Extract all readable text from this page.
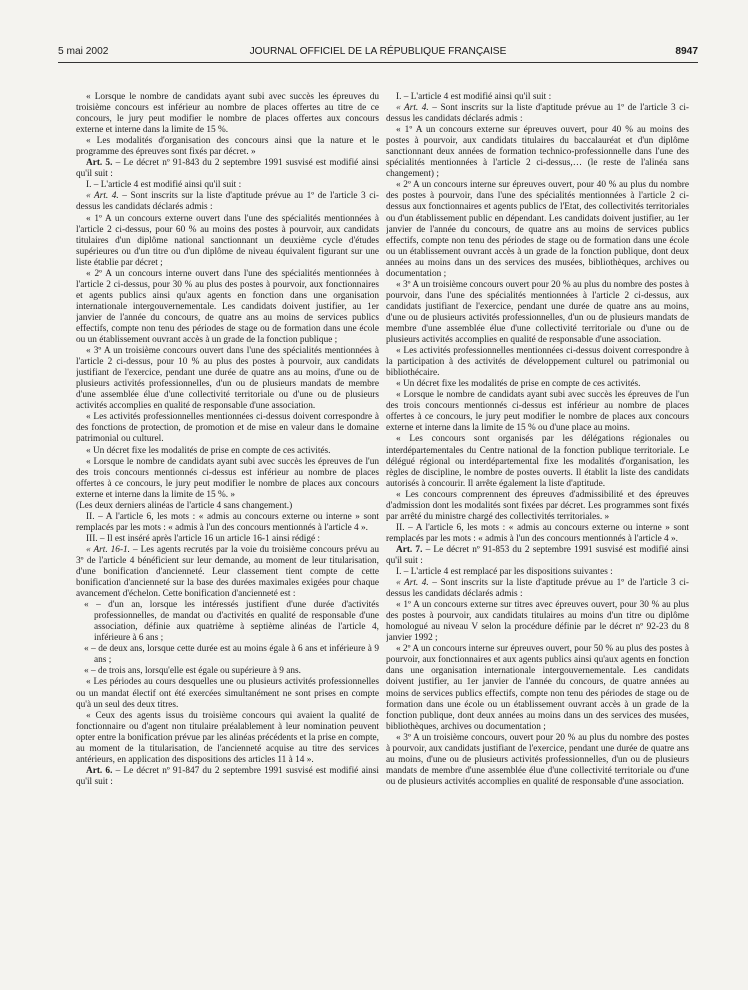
5 mai 2002	JOURNAL OFFICIEL DE LA RÉPUBLIQUE FRANÇAISE	8947

« Lorsque le nombre de candidats ayant subi avec succès les épreuves du troisième concours est inférieur au nombre de places offertes au titre de ce concours, le jury peut modifier le nombre de places offertes aux concours externe et interne dans la limite de 15 %.

« Les modalités d'organisation des concours ainsi que la nature et le programme des épreuves sont fixés par décret. »

Art. 5. – Le décret nº 91-843 du 2 septembre 1991 susvisé est modifié ainsi qu'il suit :

I. – L'article 4 est modifié ainsi qu'il suit :

« Art. 4. – Sont inscrits sur la liste d'aptitude prévue au 1º de l'article 3 ci-dessus les candidats déclarés admis :

« 1º A un concours externe ouvert dans l'une des spécialités mentionnées à l'article 2 ci-dessus, pour 60 % au moins des postes à pourvoir, aux candidats titulaires d'un diplôme national sanctionnant un deuxième cycle d'études supérieures ou d'un titre ou d'un diplôme de niveau équivalent figurant sur une liste établie par décret ;

« 2º A un concours interne ouvert dans l'une des spécialités mentionnées à l'article 2 ci-dessus, pour 30 % au plus des postes à pourvoir, aux fonctionnaires et agents publics ainsi qu'aux agents en fonction dans une organisation internationale intergouvernementale. Les candidats doivent justifier, au 1er janvier de l'année du concours, de quatre ans au moins de services publics effectifs, compte non tenu des périodes de stage ou de formation dans une école ou un établissement ouvrant accès à un grade de la fonction publique ;

« 3º A un troisième concours ouvert dans l'une des spécialités mentionnées à l'article 2 ci-dessus, pour 10 % au plus des postes à pourvoir, aux candidats justifiant de l'exercice, pendant une durée de quatre ans au moins, d'une ou de plusieurs activités professionnelles, d'un ou de plusieurs mandats de membre d'une assemblée élue d'une collectivité territoriale ou d'une ou de plusieurs activités accomplies en qualité de responsable d'une association.

« Les activités professionnelles mentionnées ci-dessus doivent correspondre à des fonctions de protection, de promotion et de mise en valeur dans le domaine patrimonial ou culturel.

« Un décret fixe les modalités de prise en compte de ces activités.

« Lorsque le nombre de candidats ayant subi avec succès les épreuves de l'un des trois concours mentionnés ci-dessus est inférieur au nombre de places offertes à ce concours, le jury peut modifier le nombre de places aux concours externe et interne dans la limite de 15 %. »

(Les deux derniers alinéas de l'article 4 sans changement.)

II. – A l'article 6, les mots : « admis au concours externe ou interne » sont remplacés par les mots : « admis à l'un des concours mentionnés à l'article 4 ».

III. – Il est inséré après l'article 16 un article 16-1 ainsi rédigé :

« Art. 16-1. – Les agents recrutés par la voie du troisième concours prévu au 3º de l'article 4 bénéficient sur leur demande, au moment de leur titularisation, d'une bonification d'ancienneté. Leur classement tient compte de cette bonification d'ancienneté sur la base des durées maximales exigées pour chaque avancement d'échelon. Cette bonification d'ancienneté est :

« – d'un an, lorsque les intéressés justifient d'une durée d'activités professionnelles, de mandat ou d'activités en qualité de responsable d'une association, définie aux quatrième à septième alinéas de l'article 4, inférieure à 6 ans ;

« – de deux ans, lorsque cette durée est au moins égale à 6 ans et inférieure à 9 ans ;

« – de trois ans, lorsqu'elle est égale ou supérieure à 9 ans.

« Les périodes au cours desquelles une ou plusieurs activités professionnelles ou un mandat électif ont été exercées simultanément ne sont prises en compte qu'à un seul des deux titres.

« Ceux des agents issus du troisième concours qui avaient la qualité de fonctionnaire ou d'agent non titulaire préalablement à leur nomination peuvent opter entre la bonification prévue par les alinéas précédents et la prise en compte, au moment de la titularisation, de l'ancienneté acquise au titre des services antérieurs, en application des dispositions des articles 11 à 14 ».

Art. 6. – Le décret nº 91-847 du 2 septembre 1991 susvisé est modifié ainsi qu'il suit :

I. – L'article 4 est modifié ainsi qu'il suit :

« Art. 4. – Sont inscrits sur la liste d'aptitude prévue au 1º de l'article 3 ci-dessus les candidats déclarés admis :

« 1º A un concours externe sur épreuves ouvert, pour 40 % au moins des postes à pourvoir, aux candidats titulaires du baccalauréat et d'un diplôme sanctionnant deux années de formation technico-professionnelle dans l'une des spécialités mentionnées à l'article 2 ci-dessus,… (le reste de l'alinéa sans changement) ;

« 2º A un concours interne sur épreuves ouvert, pour 40 % au plus du nombre des postes à pourvoir, dans l'une des spécialités mentionnées à l'article 2 ci-dessus aux fonctionnaires et agents publics de l'Etat, des collectivités territoriales ou d'un établissement public en dépendant. Les candidats doivent justifier, au 1er janvier de l'année du concours, de quatre ans au moins de services publics effectifs, compte non tenu des périodes de stage ou de formation dans une école ou un établissement ouvrant accès à un grade de la fonction publique, dont deux années au moins dans un des services des musées, bibliothèques, archives ou documentation ;

« 3º A un troisième concours ouvert pour 20 % au plus du nombre des postes à pourvoir, dans l'une des spécialités mentionnées à l'article 2 ci-dessus, aux candidats justifiant de l'exercice, pendant une durée de quatre ans au moins, d'une ou de plusieurs activités professionnelles, d'un ou de plusieurs mandats de membre d'une assemblée élue d'une collectivité territoriale ou d'une ou de plusieurs activités accomplies en qualité de responsable d'une association.

« Les activités professionnelles mentionnées ci-dessus doivent correspondre à la participation à des activités de développement culturel ou patrimonial ou bibliothécaire.

« Un décret fixe les modalités de prise en compte de ces activités.

« Lorsque le nombre de candidats ayant subi avec succès les épreuves de l'un des trois concours mentionnés ci-dessus est inférieur au nombre de places offertes à ce concours, le jury peut modifier le nombre de places aux concours externe et interne dans la limite de 15 % ou d'une place au moins.

« Les concours sont organisés par les délégations régionales ou interdépartementales du Centre national de la fonction publique territoriale. Le délégué régional ou interdépartemental fixe les modalités d'organisation, les règles de discipline, le nombre de postes ouverts. Il établit la liste des candidats autorisés à concourir. Il arrête également la liste d'aptitude.

« Les concours comprennent des épreuves d'admissibilité et des épreuves d'admission dont les modalités sont fixées par décret. Les programmes sont fixés par arrêté du ministre chargé des collectivités territoriales. »

II. – A l'article 6, les mots : « admis au concours externe ou interne » sont remplacés par les mots : « admis à l'un des concours mentionnés à l'article 4 ».

Art. 7. – Le décret nº 91-853 du 2 septembre 1991 susvisé est modifié ainsi qu'il suit :

I. – L'article 4 est remplacé par les dispositions suivantes :

« Art. 4. – Sont inscrits sur la liste d'aptitude prévue au 1º de l'article 3 ci-dessus les candidats déclarés admis :

« 1º A un concours externe sur titres avec épreuves ouvert, pour 30 % au plus des postes à pourvoir, aux candidats titulaires au moins d'un titre ou diplôme homologué au niveau V selon la procédure définie par le décret nº 92-23 du 8 janvier 1992 ;

« 2º A un concours interne sur épreuves ouvert, pour 50 % au plus des postes à pourvoir, aux fonctionnaires et aux agents publics ainsi qu'aux agents en fonction dans une organisation internationale intergouvernementale. Les candidats doivent justifier, au 1er janvier de l'année du concours, de quatre années au moins de services publics effectifs, compte non tenu des périodes de stage ou de formation dans une école ou un établissement ouvrant accès à un grade de la fonction publique, dont deux années au moins dans un des services des musées, bibliothèques, archives ou documentation ;

« 3º A un troisième concours, ouvert pour 20 % au plus du nombre des postes à pourvoir, aux candidats justifiant de l'exercice, pendant une durée de quatre ans au moins, d'une ou de plusieurs activités professionnelles, d'un ou de plusieurs mandats de membre d'une assemblée élue d'une collectivité territoriale ou d'une ou de plusieurs activités accomplies en qualité de responsable d'une association.
